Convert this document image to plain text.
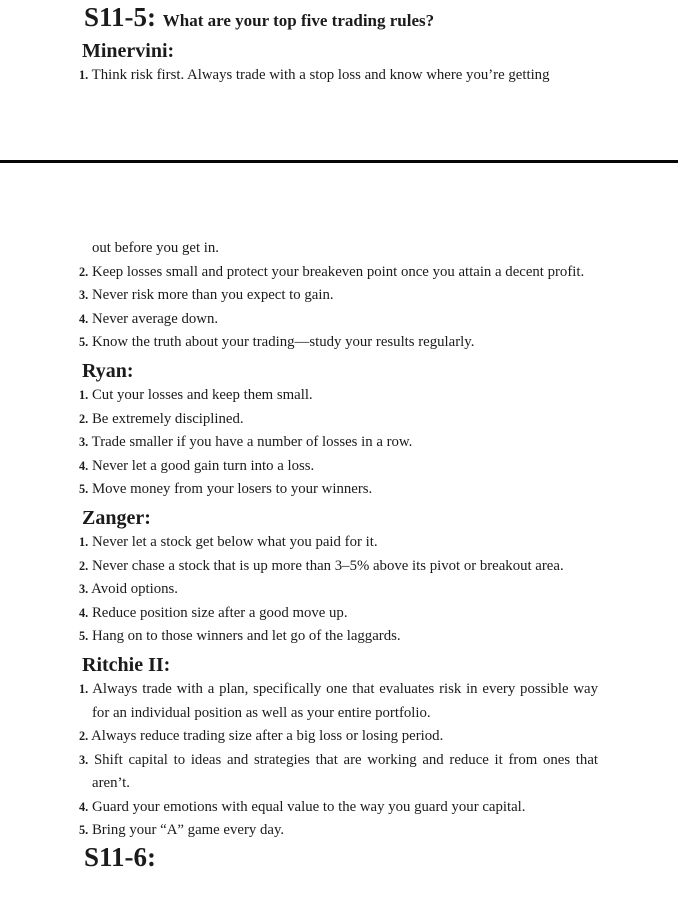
S11-5: What are your top five trading rules?
Minervini:
1. Think risk first. Always trade with a stop loss and know where you’re getting

out before you get in.

2. Keep losses small and protect your breakeven point once you attain a decent profit.
3. Never risk more than you expect to gain.
4. Never average down.
5. Know the truth about your trading—study your results regularly.
Ryan:
1. Cut your losses and keep them small.
2. Be extremely disciplined.
3. Trade smaller if you have a number of losses in a row.
4. Never let a good gain turn into a loss.
5. Move money from your losers to your winners.
Zanger:
1. Never let a stock get below what you paid for it.
2. Never chase a stock that is up more than 3–5% above its pivot or breakout area.
3. Avoid options.
4. Reduce position size after a good move up.
5. Hang on to those winners and let go of the laggards.
Ritchie II:
1. Always trade with a plan, specifically one that evaluates risk in every possible way for an individual position as well as your entire portfolio.
2. Always reduce trading size after a big loss or losing period.
3. Shift capital to ideas and strategies that are working and reduce it from ones that aren’t.
4. Guard your emotions with equal value to the way you guard your capital.
5. Bring your “A” game every day.
S11-6:
